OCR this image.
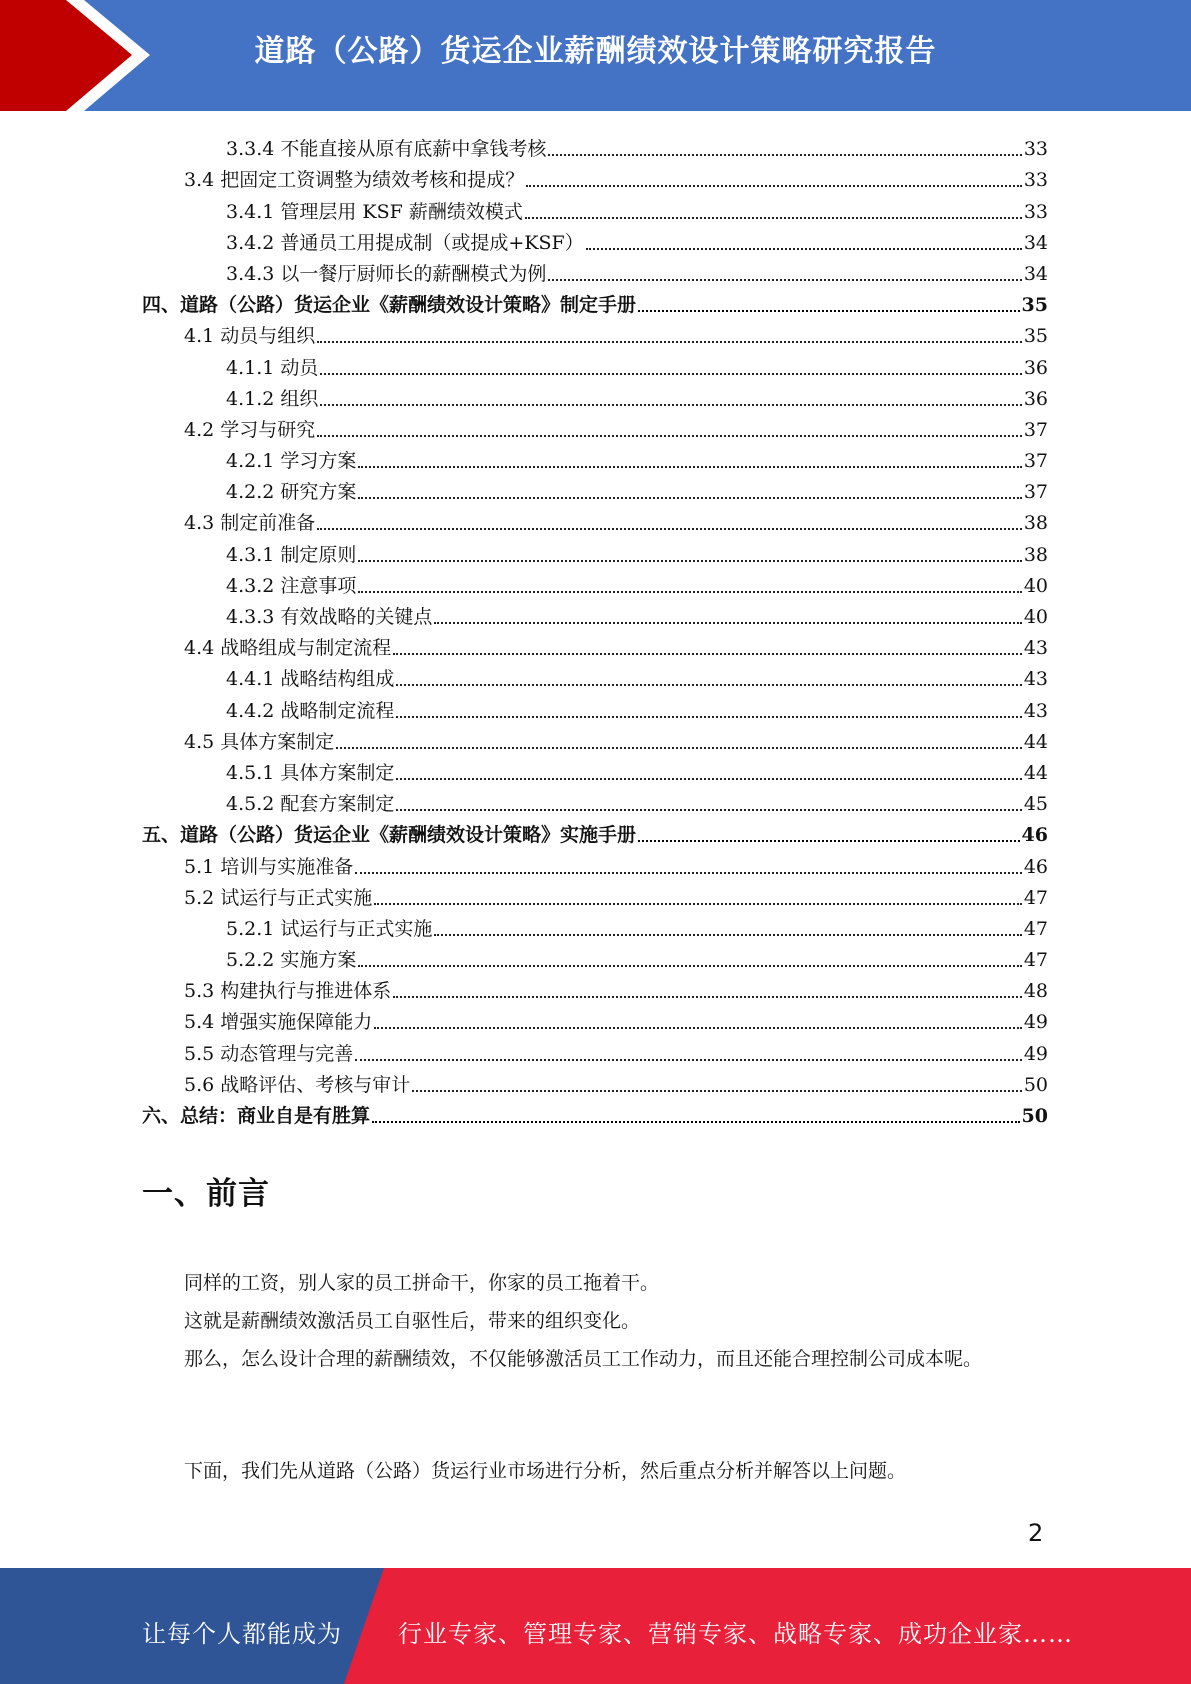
道路（公路）货运企业薪酬绩效设计策略研究报告
3.3.4 不能直接从原有底薪中拿钱考核	33
3.4 把固定工资调整为绩效考核和提成？	33
3.4.1 管理层用 KSF 薪酬绩效模式	33
3.4.2 普通员工用提成制（或提成+KSF）	34
3.4.3 以一餐厅厨师长的薪酬模式为例	34
四、道路（公路）货运企业《薪酬绩效设计策略》制定手册	35
4.1 动员与组织	35
4.1.1 动员	36
4.1.2 组织	36
4.2 学习与研究	37
4.2.1 学习方案	37
4.2.2 研究方案	37
4.3 制定前准备	38
4.3.1 制定原则	38
4.3.2 注意事项	40
4.3.3 有效战略的关键点	40
4.4 战略组成与制定流程	43
4.4.1 战略结构组成	43
4.4.2 战略制定流程	43
4.5 具体方案制定	44
4.5.1 具体方案制定	44
4.5.2 配套方案制定	45
五、道路（公路）货运企业《薪酬绩效设计策略》实施手册	46
5.1 培训与实施准备	46
5.2 试运行与正式实施	47
5.2.1 试运行与正式实施	47
5.2.2 实施方案	47
5.3 构建执行与推进体系	48
5.4 增强实施保障能力	49
5.5 动态管理与完善	49
5.6 战略评估、考核与审计	50
六、总结：商业自是有胜算	50
一、前言
同样的工资，别人家的员工拼命干，你家的员工拖着干。
这就是薪酬绩效激活员工自驱性后，带来的组织变化。
那么，怎么设计合理的薪酬绩效，不仅能够激活员工工作动力，而且还能合理控制公司成本呢。
下面，我们先从道路（公路）货运行业市场进行分析，然后重点分析并解答以上问题。
2
让每个人都能成为 行业专家、管理专家、营销专家、战略专家、成功企业家……
